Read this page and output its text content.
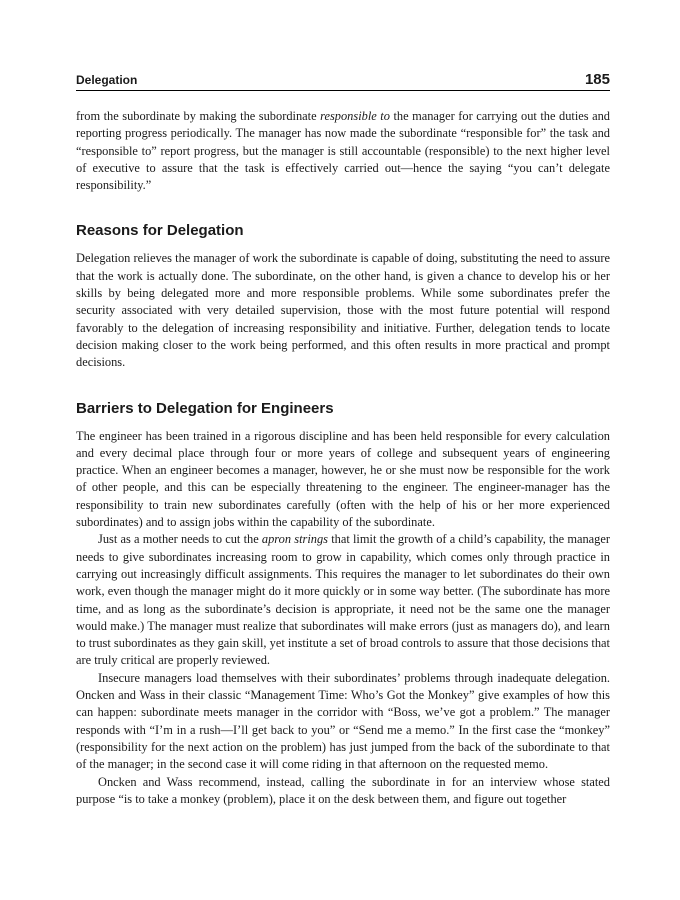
Delegation	185

from the subordinate by making the subordinate responsible to the manager for carrying out the duties and reporting progress periodically. The manager has now made the subordinate “responsible for” the task and “responsible to” report progress, but the manager is still accountable (responsible) to the next higher level of executive to assure that the task is effectively carried out—hence the saying “you can’t delegate responsibility.”

Reasons for Delegation

Delegation relieves the manager of work the subordinate is capable of doing, substituting the need to assure that the work is actually done. The subordinate, on the other hand, is given a chance to develop his or her skills by being delegated more and more responsible problems. While some subordinates prefer the security associated with very detailed supervision, those with the most future potential will respond favorably to the delegation of increasing responsibility and initiative. Further, delegation tends to locate decision making closer to the work being performed, and this often results in more practical and prompt decisions.

Barriers to Delegation for Engineers

The engineer has been trained in a rigorous discipline and has been held responsible for every calculation and every decimal place through four or more years of college and subsequent years of engineering practice. When an engineer becomes a manager, however, he or she must now be responsible for the work of other people, and this can be especially threatening to the engineer. The engineer-manager has the responsibility to train new subordinates carefully (often with the help of his or her more experienced subordinates) and to assign jobs within the capability of the subordinate.

Just as a mother needs to cut the apron strings that limit the growth of a child’s capability, the manager needs to give subordinates increasing room to grow in capability, which comes only through practice in carrying out increasingly difficult assignments. This requires the manager to let subordinates do their own work, even though the manager might do it more quickly or in some way better. (The subordinate has more time, and as long as the subordinate’s decision is appropriate, it need not be the same one the manager would make.) The manager must realize that subordinates will make errors (just as managers do), and learn to trust subordinates as they gain skill, yet institute a set of broad controls to assure that those decisions that are truly critical are properly reviewed.

Insecure managers load themselves with their subordinates’ problems through inadequate delegation. Oncken and Wass in their classic “Management Time: Who’s Got the Monkey” give examples of how this can happen: subordinate meets manager in the corridor with “Boss, we’ve got a problem.” The manager responds with “I’m in a rush—I’ll get back to you” or “Send me a memo.” In the first case the “monkey” (responsibility for the next action on the problem) has just jumped from the back of the subordinate to that of the manager; in the second case it will come riding in that afternoon on the requested memo.

Oncken and Wass recommend, instead, calling the subordinate in for an interview whose stated purpose “is to take a monkey (problem), place it on the desk between them, and figure out together
